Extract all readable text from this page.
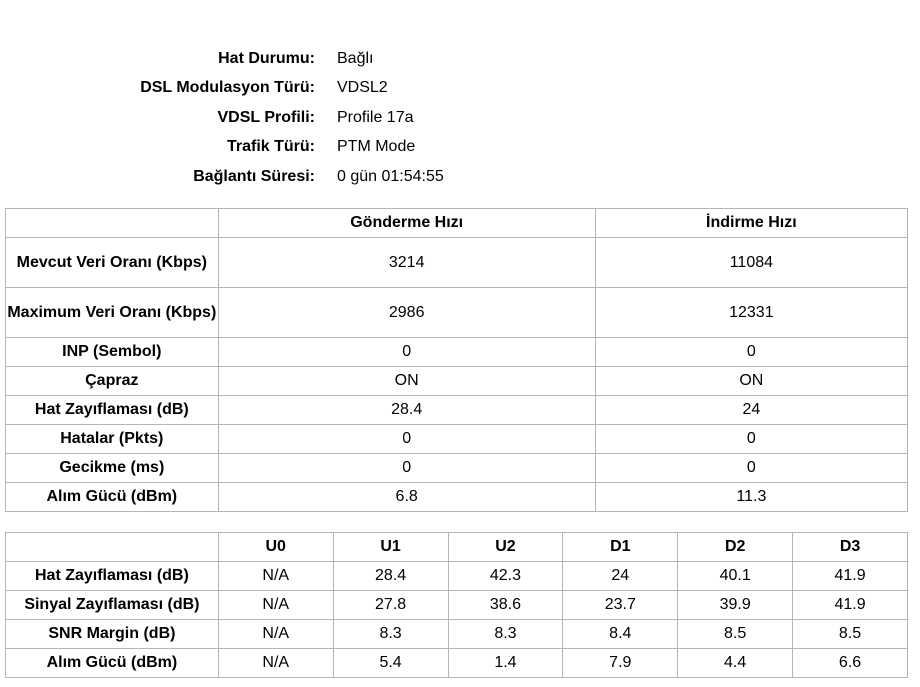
Hat Durumu:	Bağlı
DSL Modulasyon Türü:	VDSL2
VDSL Profili:	Profile 17a
Trafik Türü:	PTM Mode
Bağlantı Süresi:	0 gün 01:54:55
	Gönderme Hızı	İndirme Hızı
Mevcut Veri Oranı (Kbps)	3214	11084
Maximum Veri Oranı (Kbps)	2986	12331
INP (Sembol)	0	0
Çapraz	ON	ON
Hat Zayıflaması (dB)	28.4	24
Hatalar (Pkts)	0	0
Gecikme (ms)	0	0
Alım Gücü (dBm)	6.8	11.3
	U0	U1	U2	D1	D2	D3
Hat Zayıflaması (dB)	N/A	28.4	42.3	24	40.1	41.9
Sinyal Zayıflaması (dB)	N/A	27.8	38.6	23.7	39.9	41.9
SNR Margin (dB)	N/A	8.3	8.3	8.4	8.5	8.5
Alım Gücü (dBm)	N/A	5.4	1.4	7.9	4.4	6.6
